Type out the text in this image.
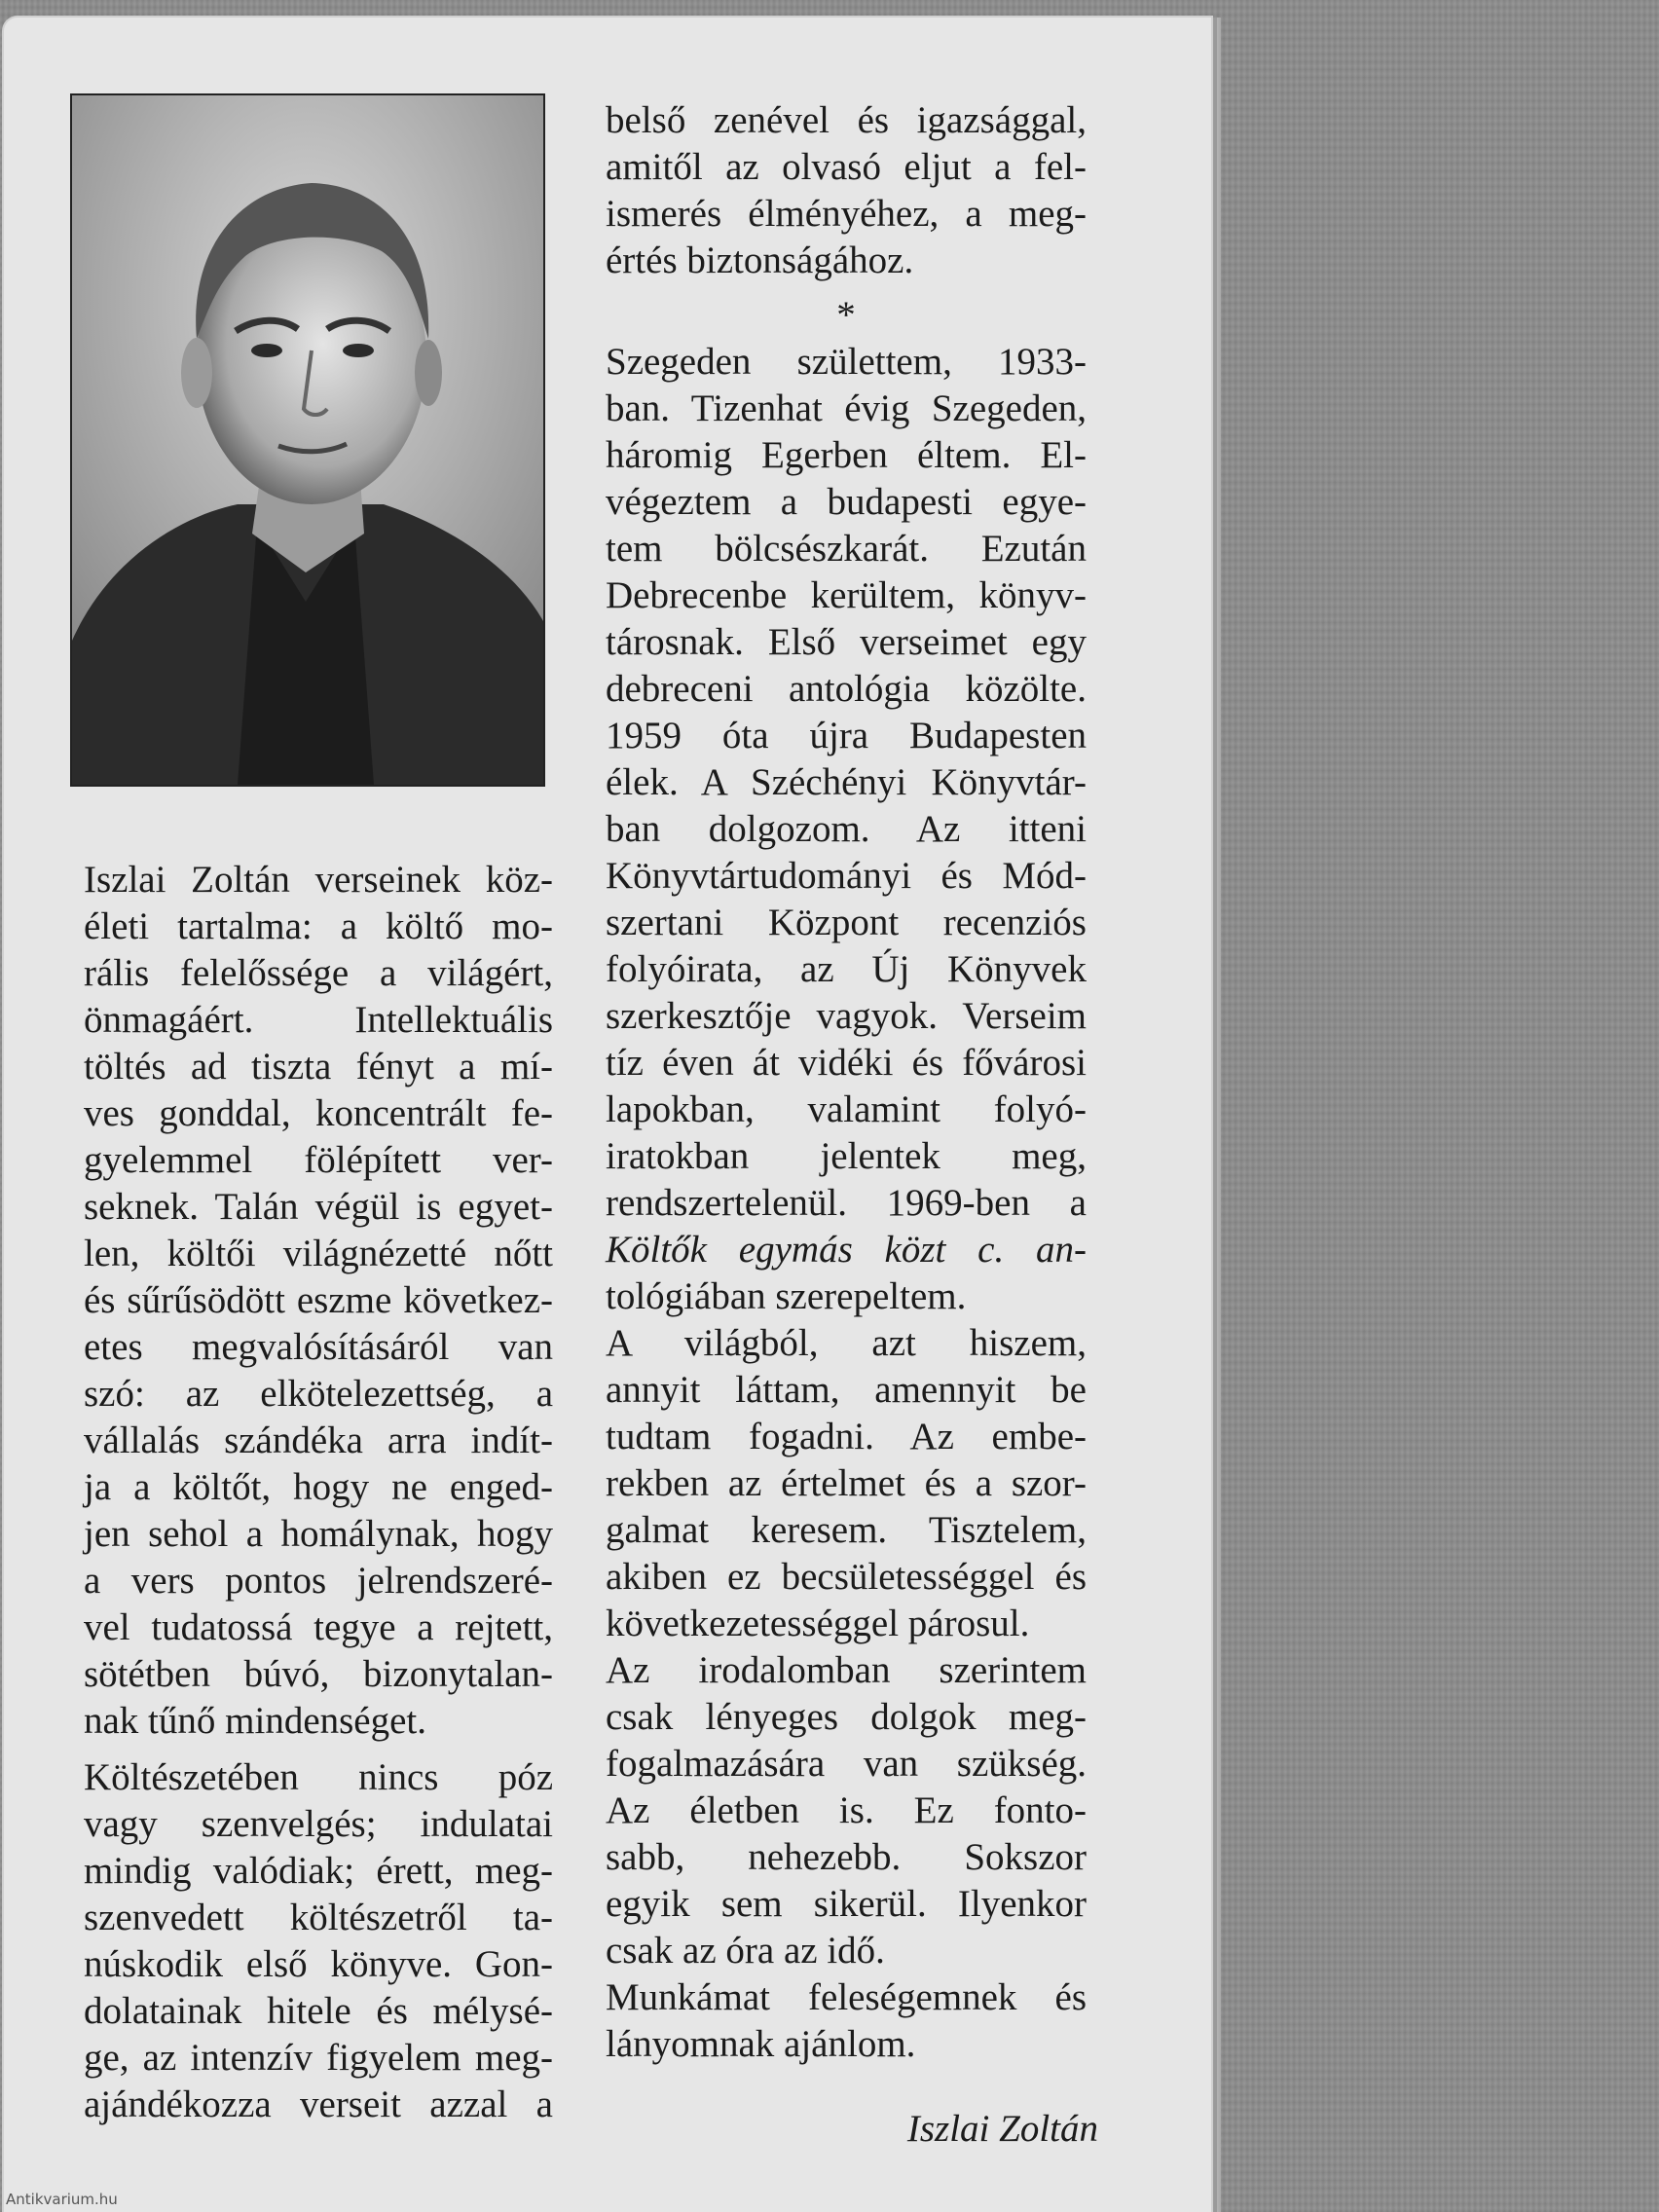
Iszlai Zoltán verseinek köz-

életi tartalma: a költő mo-

rális felelőssége a világért,

önmagáért. Intellektuális

töltés ad tiszta fényt a mí-

ves gonddal, koncentrált fe-

gyelemmel fölépített ver-

seknek. Talán végül is egyet-

len, költői világnézetté nőtt

és sűrűsödött eszme következ-

etes megvalósításáról van

szó: az elkötelezettség, a

vállalás szándéka arra indít-

ja a költőt, hogy ne enged-

jen sehol a homálynak, hogy

a vers pontos jelrendszeré-

vel tudatossá tegye a rejtett,

sötétben búvó, bizonytalan-

nak tűnő mindenséget.

Költészetében nincs póz

vagy szenvelgés; indulatai

mindig valódiak; érett, meg-

szenvedett költészetről ta-

núskodik első könyve. Gon-

dolatainak hitele és mélysé-

ge, az intenzív figyelem meg-

ajándékozza verseit azzal a

belső zenével és igazsággal,

amitől az olvasó eljut a fel-

ismerés élményéhez, a meg-

értés biztonságához.

*

Szegeden születtem, 1933-

ban. Tizenhat évig Szegeden,

háromig Egerben éltem. El-

végeztem a budapesti egye-

tem bölcsészkarát. Ezután

Debrecenbe kerültem, könyv-

tárosnak. Első verseimet egy

debreceni antológia közölte.

1959 óta újra Budapesten

élek. A Széchényi Könyvtár-

ban dolgozom. Az itteni

Könyvtártudományi és Mód-

szertani Központ recenziós

folyóirata, az Új Könyvek

szerkesztője vagyok. Verseim

tíz éven át vidéki és fővárosi

lapokban, valamint folyó-

iratokban jelentek meg,

rendszertelenül. 1969-ben a

Költők egymás közt c. an-

tológiában szerepeltem.

A világból, azt hiszem,

annyit láttam, amennyit be

tudtam fogadni. Az embe-

rekben az értelmet és a szor-

galmat keresem. Tisztelem,

akiben ez becsületességgel és

következetességgel párosul.

Az irodalomban szerintem

csak lényeges dolgok meg-

fogalmazására van szükség.

Az életben is. Ez fonto-

sabb, nehezebb. Sokszor

egyik sem sikerül. Ilyenkor

csak az óra az idő.

Munkámat feleségemnek és

lányomnak ajánlom.

Iszlai Zoltán
Antikvarium.hu
